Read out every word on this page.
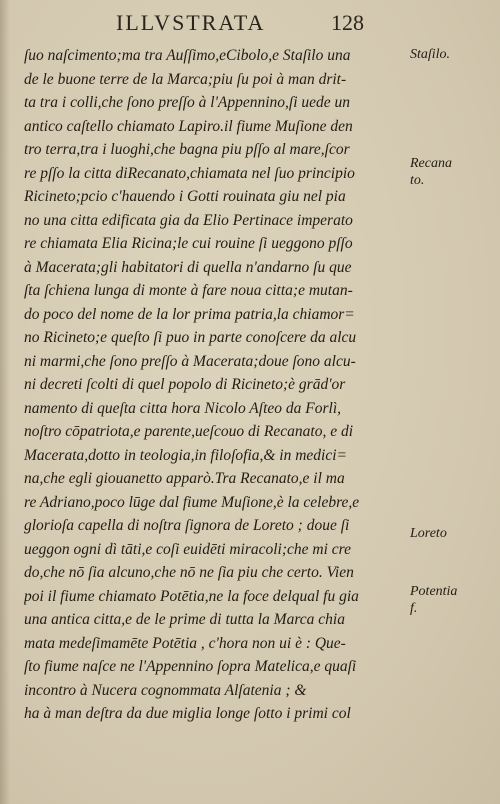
ILLVSTRATA	128
ſuo naſcimento;ma tra Auſſimo,eCibolo,e Staſilo una
de le buone terre de la Marca;piu ſu poi à man drit-
ta tra i colli,che ſono preſſo à l'Appennino,ſi uede un
antico caſtello chiamato Lapiro.il fiume Muſione den
tro terra,tra i luoghi,che bagna piu pſſo al mare,ſcor
re pſſo la citta diRecanato,chiamata nel ſuo principio
Ricineto;pcio c'hauendo i Gotti rouinata giu nel pia
no una citta edificata gia da Elio Pertinace imperato
re chiamata Elia Ricina;le cui rouine ſi ueggono pſſo
à Macerata;gli habitatori di quella n'andarno ſu que
ſta ſchiena lunga di monte à fare noua citta;e mutan-
do poco del nome de la lor prima patria,la chiamor=
no Ricineto;e queſto ſi puo in parte conoſcere da alcu
ni marmi,che ſono preſſo à Macerata;doue ſono alcu-
ni decreti ſcolti di quel popolo di Ricineto;è grād'or
namento di queſta citta hora Nicolo Aſteo da Forlì,
noſtro cōpatriota,e parente,ueſcouo di Recanato, e di
Macerata,dotto in teologia,in filoſofia,& in medici=
na,che egli giouanetto apparò.Tra Recanato,e il ma
re Adriano,poco lūge dal fiume Muſione,è la celebre,e
glorioſa capella di noſtra ſignora de Loreto ; doue ſi
ueggon ogni dì tāti,e coſi euidēti miracoli;che mi cre
do,che nō ſia alcuno,che nō ne ſia piu che certo. Vien
poi il fiume chiamato Potētia,ne la foce delqual fu gia
una antica citta,e de le prime di tutta la Marca chia
mata medeſimamēte Potētia , c'hora non ui è : Que-
ſto fiume naſce ne l'Appennino ſopra Matelica,e quaſi
incontro à Nucera cognommata Alſatenia ; &
ha à man deſtra da due miglia longe ſotto i primi col
Staſilo.
Recana
to.
Loreto
Potentia
f.
